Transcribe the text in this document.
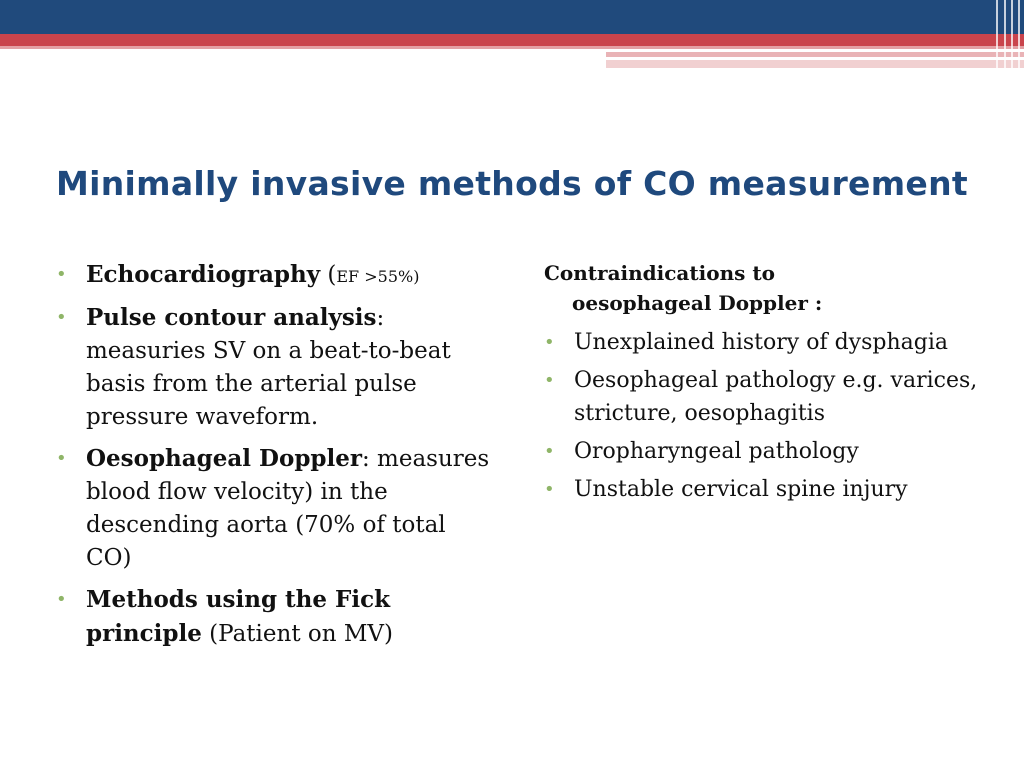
Minimally invasive methods of CO measurement
• Echocardiography (EF >55%)
• Pulse contour analysis: measuries SV on a beat-to-beat basis from the arterial pulse pressure waveform.
• Oesophageal Doppler: measures blood flow velocity) in the descending aorta (70% of total CO)
• Methods using the Fick principle (Patient on MV)

Contraindications to
oesophageal Doppler :

• Unexplained history of dysphagia
• Oesophageal pathology e.g. varices, stricture, oesophagitis
• Oropharyngeal pathology
• Unstable cervical spine injury
